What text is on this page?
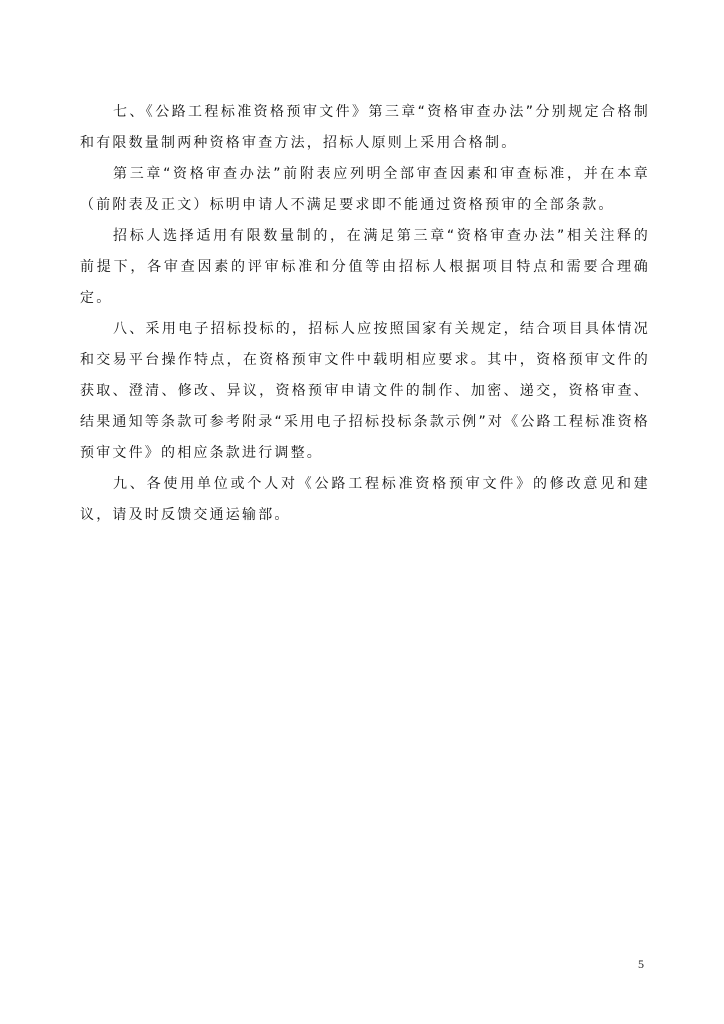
七、《公路工程标准资格预审文件》第三章“资格审查办法”分别规定合格制和有限数量制两种资格审查方法，招标人原则上采用合格制。

第三章“资格审查办法”前附表应列明全部审查因素和审查标准，并在本章（前附表及正文）标明申请人不满足要求即不能通过资格预审的全部条款。

招标人选择适用有限数量制的，在满足第三章“资格审查办法”相关注释的前提下，各审查因素的评审标准和分值等由招标人根据项目特点和需要合理确定。

八、采用电子招标投标的，招标人应按照国家有关规定，结合项目具体情况和交易平台操作特点，在资格预审文件中载明相应要求。其中，资格预审文件的获取、澄清、修改、异议，资格预审申请文件的制作、加密、递交，资格审查、结果通知等条款可参考附录“采用电子招标投标条款示例”对《公路工程标准资格预审文件》的相应条款进行调整。

九、各使用单位或个人对《公路工程标准资格预审文件》的修改意见和建议，请及时反馈交通运输部。

5
